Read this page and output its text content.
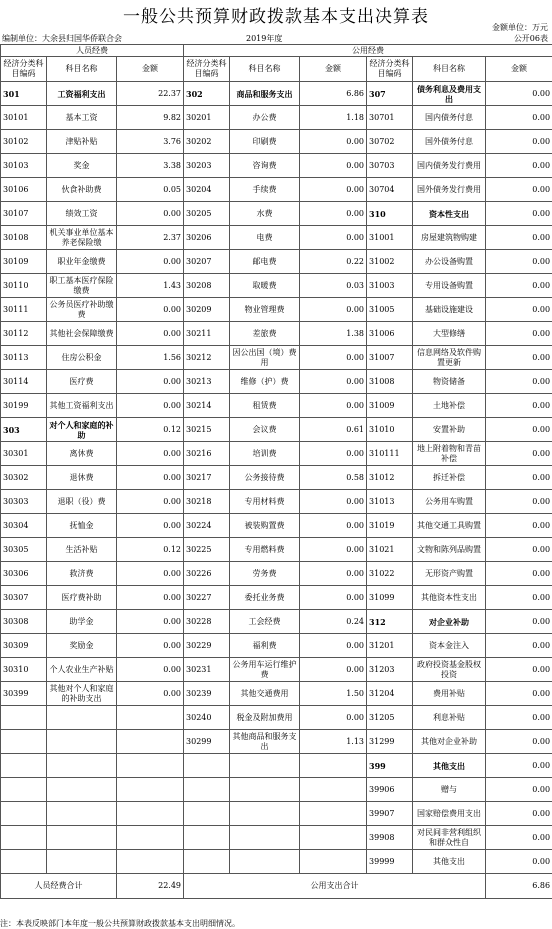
一般公共预算财政拨款基本支出决算表
金额单位：万元
编制单位：大余县归国华侨联合会	2019年度	公开06表
人员经费			公用经费					
经济分类科目编码	科目名称	金额	经济分类科目编码	科目名称	金额	经济分类科目编码	科目名称	金额
301	工资福利支出	22.37	302	商品和服务支出	6.86	307	债务利息及费用支出	0.00
30101	基本工资	9.82	30201	办公费	1.18	30701	国内债务付息	0.00
30102	津贴补贴	3.76	30202	印刷费	0.00	30702	国外债务付息	0.00
30103	奖金	3.38	30203	咨询费	0.00	30703	国内债务发行费用	0.00
30106	伙食补助费	0.05	30204	手续费	0.00	30704	国外债务发行费用	0.00
30107	绩效工资	0.00	30205	水费	0.00	310	资本性支出	0.00
30108	机关事业单位基本养老保险缴	2.37	30206	电费	0.00	31001	房屋建筑物购建	0.00
30109	职业年金缴费	0.00	30207	邮电费	0.22	31002	办公设备购置	0.00
30110	职工基本医疗保险缴费	1.43	30208	取暖费	0.03	31003	专用设备购置	0.00
30111	公务员医疗补助缴费	0.00	30209	物业管理费	0.00	31005	基础设施建设	0.00
30112	其他社会保障缴费	0.00	30211	差旅费	1.38	31006	大型修缮	0.00
30113	住房公积金	1.56	30212	因公出国（境）费用	0.00	31007	信息网络及软件购置更新	0.00
30114	医疗费	0.00	30213	维修（护）费	0.00	31008	物资储备	0.00
30199	其他工资福利支出	0.00	30214	租赁费	0.00	31009	土地补偿	0.00
303	对个人和家庭的补助	0.12	30215	会议费	0.61	31010	安置补助	0.00
30301	离休费	0.00	30216	培训费	0.00	310111	地上附着物和青苗补偿	0.00
30302	退休费	0.00	30217	公务接待费	0.58	31012	拆迁补偿	0.00
30303	退职（役）费	0.00	30218	专用材料费	0.00	31013	公务用车购置	0.00
30304	抚恤金	0.00	30224	被装购置费	0.00	31019	其他交通工具购置	0.00
30305	生活补贴	0.12	30225	专用燃料费	0.00	31021	文物和陈列品购置	0.00
30306	救济费	0.00	30226	劳务费	0.00	31022	无形资产购置	0.00
30307	医疗费补助	0.00	30227	委托业务费	0.00	31099	其他资本性支出	0.00
30308	助学金	0.00	30228	工会经费	0.24	312	对企业补助	0.00
30309	奖励金	0.00	30229	福利费	0.00	31201	资本金注入	0.00
30310	个人农业生产补贴	0.00	30231	公务用车运行维护费	0.00	31203	政府投资基金股权投资	0.00
30399	其他对个人和家庭的补助支出	0.00	30239	其他交通费用	1.50	31204	费用补贴	0.00
			30240	税金及附加费用	0.00	31205	利息补贴	0.00
			30299	其他商品和服务支出	1.13	31299	其他对企业补助	0.00
						399	其他支出	0.00
						39906	赠与	0.00
						39907	国家赔偿费用支出	0.00
						39908	对民间非营利组织和群众性自	0.00
						39999	其他支出	0.00
人员经费合计		22.49	公用支出合计					6.86
注：本表反映部门本年度一般公共预算财政拨款基本支出明细情况。
